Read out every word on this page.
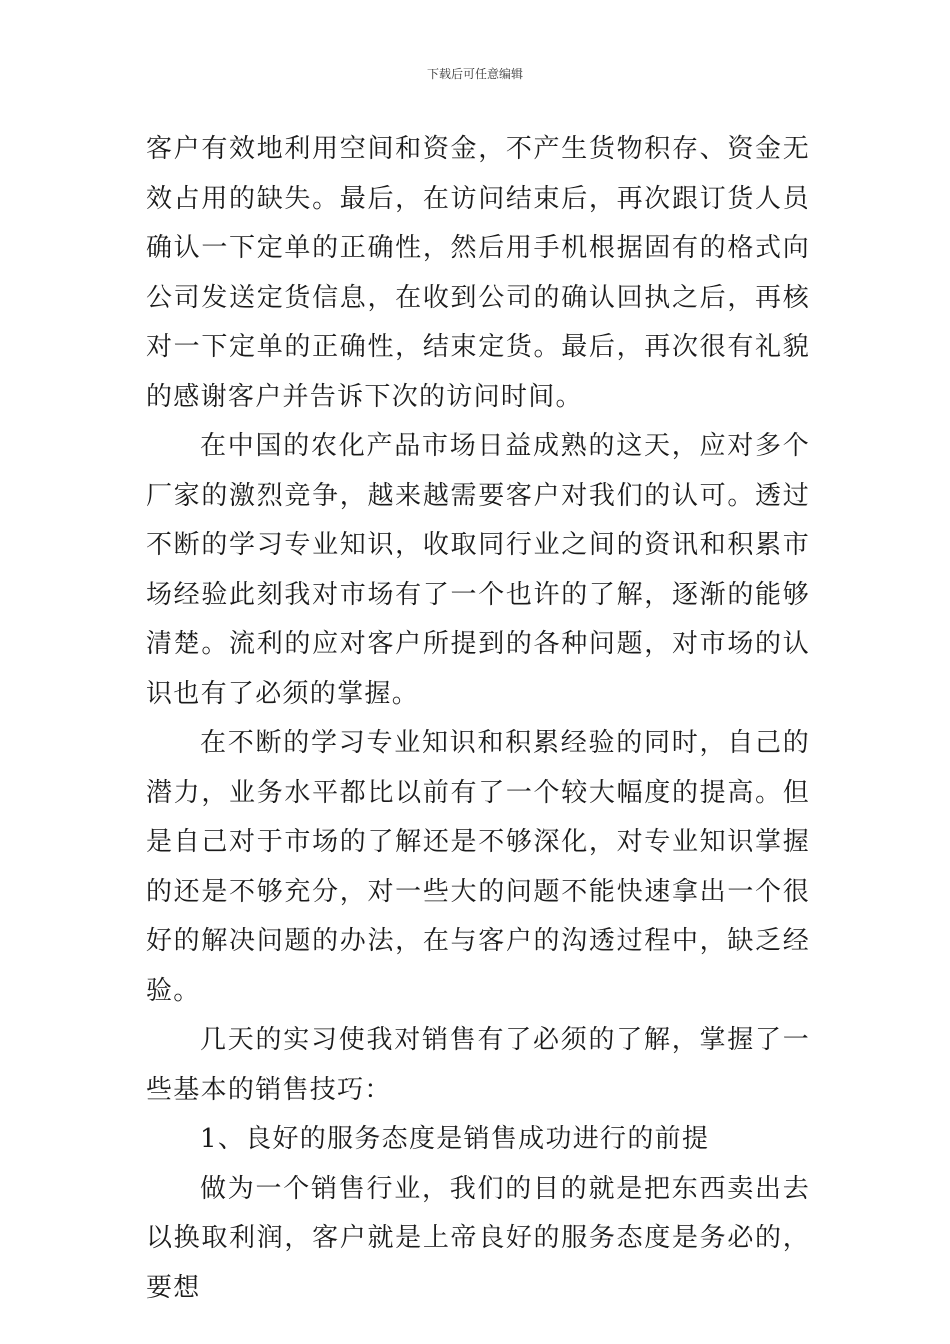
下载后可任意编辑

客户有效地利用空间和资金，不产生货物积存、资金无效占用的缺失。最后，在访问结束后，再次跟订货人员确认一下定单的正确性，然后用手机根据固有的格式向公司发送定货信息，在收到公司的确认回执之后，再核对一下定单的正确性，结束定货。最后，再次很有礼貌的感谢客户并告诉下次的访问时间。

在中国的农化产品市场日益成熟的这天，应对多个厂家的激烈竞争，越来越需要客户对我们的认可。透过不断的学习专业知识，收取同行业之间的资讯和积累市场经验此刻我对市场有了一个也许的了解，逐渐的能够清楚。流利的应对客户所提到的各种问题，对市场的认识也有了必须的掌握。

在不断的学习专业知识和积累经验的同时，自己的潜力，业务水平都比以前有了一个较大幅度的提高。但是自己对于市场的了解还是不够深化，对专业知识掌握的还是不够充分，对一些大的问题不能快速拿出一个很好的解决问题的办法，在与客户的沟透过程中，缺乏经验。

几天的实习使我对销售有了必须的了解，掌握了一些基本的销售技巧：

1、良好的服务态度是销售成功进行的前提

做为一个销售行业，我们的目的就是把东西卖出去以换取利润，客户就是上帝良好的服务态度是务必的，要想
